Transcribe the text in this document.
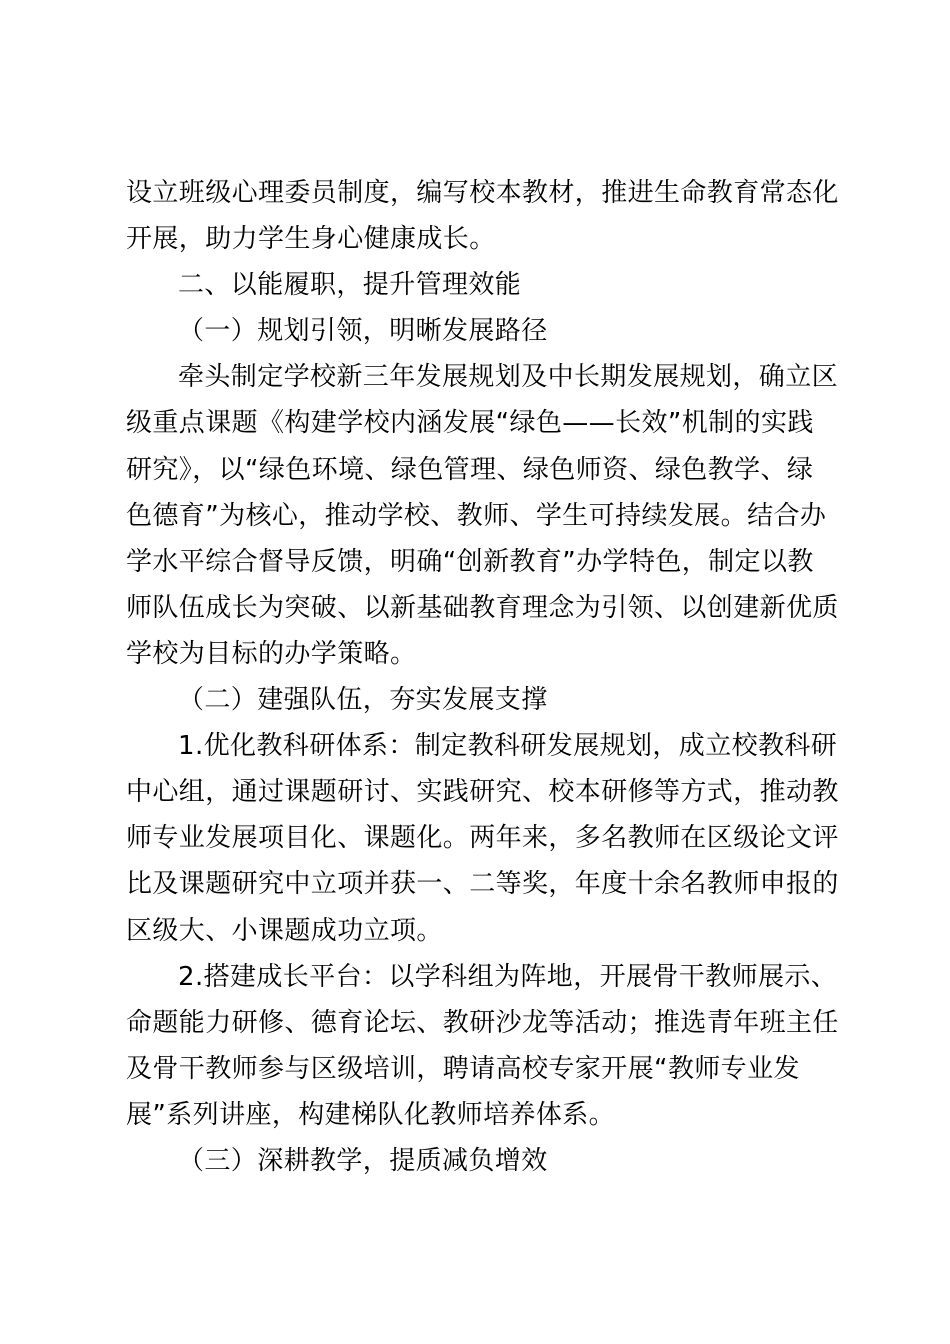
设立班级心理委员制度，编写校本教材，推进生命教育常态化
开展，助力学生身心健康成长。
二、以能履职，提升管理效能
（一）规划引领，明晰发展路径
牵头制定学校新三年发展规划及中长期发展规划，确立区
级重点课题《构建学校内涵发展“绿色——长效”机制的实践
研究》，以“绿色环境、绿色管理、绿色师资、绿色教学、绿
色德育”为核心，推动学校、教师、学生可持续发展。结合办
学水平综合督导反馈，明确“创新教育”办学特色，制定以教
师队伍成长为突破、以新基础教育理念为引领、以创建新优质
学校为目标的办学策略。
（二）建强队伍，夯实发展支撑
1.优化教科研体系：制定教科研发展规划，成立校教科研
中心组，通过课题研讨、实践研究、校本研修等方式，推动教
师专业发展项目化、课题化。两年来，多名教师在区级论文评
比及课题研究中立项并获一、二等奖，年度十余名教师申报的
区级大、小课题成功立项。
2.搭建成长平台：以学科组为阵地，开展骨干教师展示、
命题能力研修、德育论坛、教研沙龙等活动；推选青年班主任
及骨干教师参与区级培训，聘请高校专家开展“教师专业发
展”系列讲座，构建梯队化教师培养体系。
（三）深耕教学，提质减负增效
